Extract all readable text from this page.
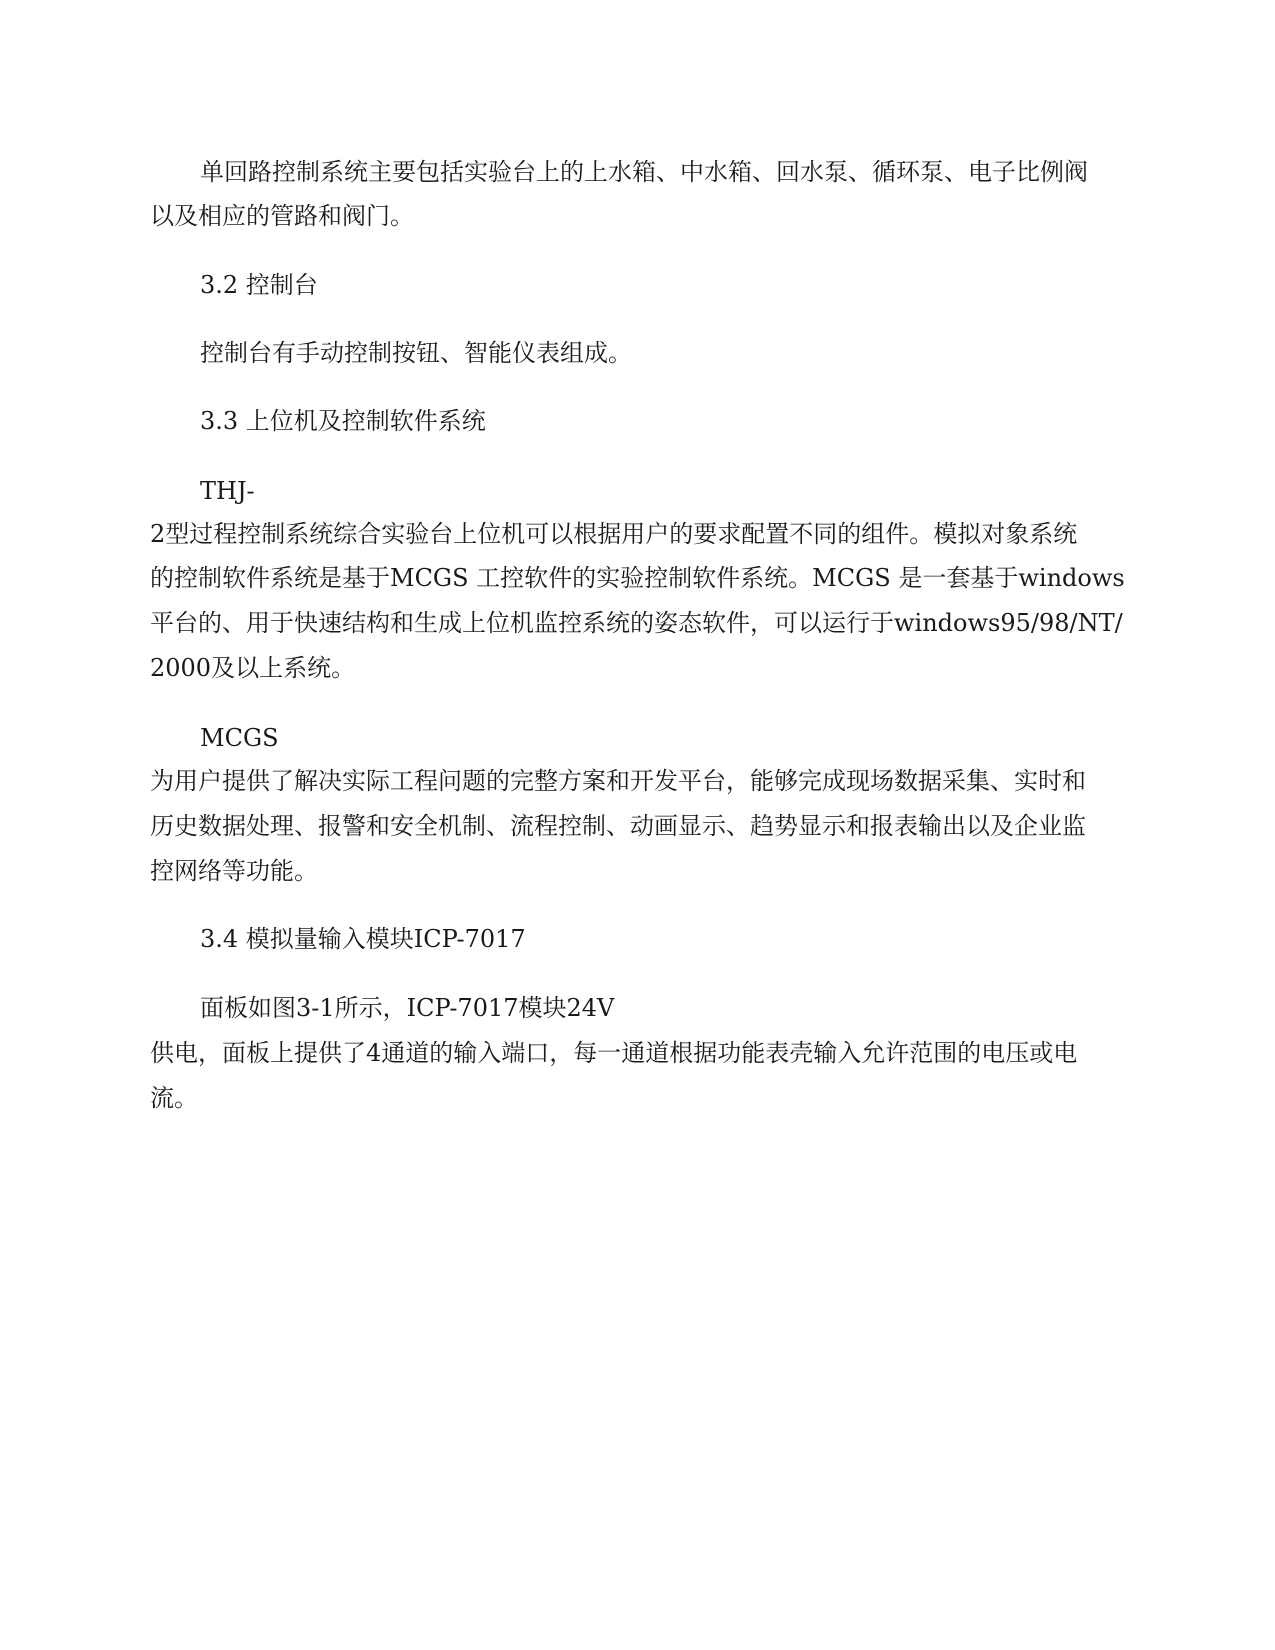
单回路控制系统主要包括实验台上的上水箱、中水箱、回水泵、循环泵、电子比例阀
以及相应的管路和阀门。
3.2 控制台
控制台有手动控制按钮、智能仪表组成。
3.3 上位机及控制软件系统
THJ-
2型过程控制系统综合实验台上位机可以根据用户的要求配置不同的组件。模拟对象系统
的控制软件系统是基于MCGS 工控软件的实验控制软件系统。MCGS 是一套基于windows
平台的、用于快速结构和生成上位机监控系统的姿态软件，可以运行于windows95/98/NT/
2000及以上系统。
MCGS
为用户提供了解决实际工程问题的完整方案和开发平台，能够完成现场数据采集、实时和
历史数据处理、报警和安全机制、流程控制、动画显示、趋势显示和报表输出以及企业监
控网络等功能。
3.4 模拟量输入模块ICP-7017
面板如图3-1所示，ICP-7017模块24V
供电，面板上提供了4通道的输入端口，每一通道根据功能表壳输入允许范围的电压或电
流。
